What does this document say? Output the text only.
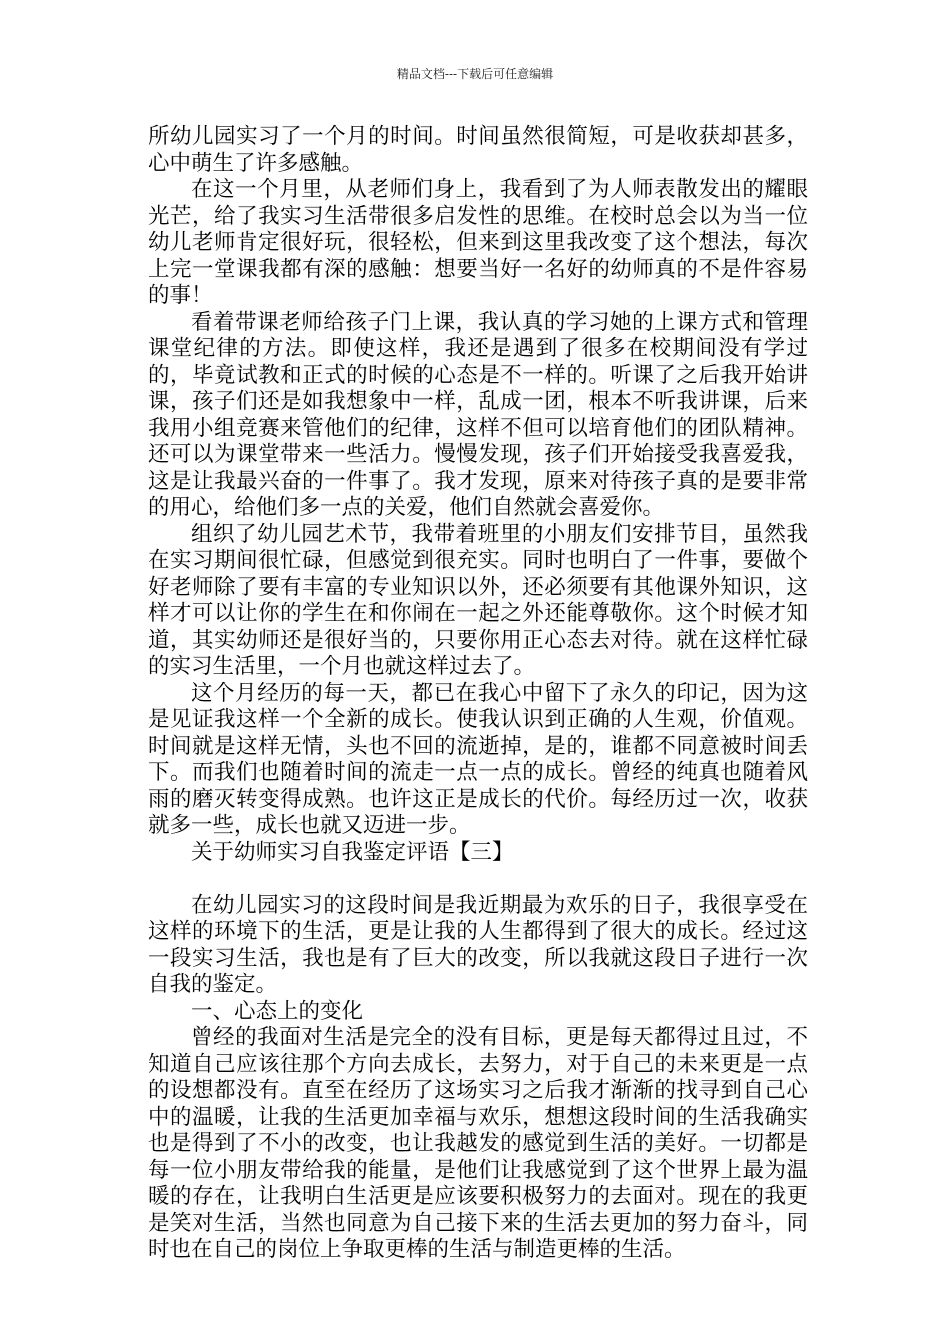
精品文档---下载后可任意编辑

所幼儿园实习了一个月的时间。时间虽然很简短，可是收获却甚多，心中萌生了许多感触。

在这一个月里，从老师们身上，我看到了为人师表散发出的耀眼光芒，给了我实习生活带很多启发性的思维。在校时总会以为当一位幼儿老师肯定很好玩，很轻松，但来到这里我改变了这个想法，每次上完一堂课我都有深的感触：想要当好一名好的幼师真的不是件容易的事！

看着带课老师给孩子门上课，我认真的学习她的上课方式和管理课堂纪律的方法。即使这样，我还是遇到了很多在校期间没有学过的，毕竟试教和正式的时候的心态是不一样的。听课了之后我开始讲课，孩子们还是如我想象中一样，乱成一团，根本不听我讲课，后来我用小组竞赛来管他们的纪律，这样不但可以培育他们的团队精神。还可以为课堂带来一些活力。慢慢发现，孩子们开始接受我喜爱我，这是让我最兴奋的一件事了。我才发现，原来对待孩子真的是要非常的用心，给他们多一点的关爱，他们自然就会喜爱你。

组织了幼儿园艺术节，我带着班里的小朋友们安排节目，虽然我在实习期间很忙碌，但感觉到很充实。同时也明白了一件事，要做个好老师除了要有丰富的专业知识以外，还必须要有其他课外知识，这样才可以让你的学生在和你闹在一起之外还能尊敬你。这个时候才知道，其实幼师还是很好当的，只要你用正心态去对待。就在这样忙碌的实习生活里，一个月也就这样过去了。

这个月经历的每一天，都已在我心中留下了永久的印记，因为这是见证我这样一个全新的成长。使我认识到正确的人生观，价值观。时间就是这样无情，头也不回的流逝掉，是的，谁都不同意被时间丢下。而我们也随着时间的流走一点一点的成长。曾经的纯真也随着风雨的磨灭转变得成熟。也许这正是成长的代价。每经历过一次，收获就多一些，成长也就又迈进一步。

关于幼师实习自我鉴定评语【三】

在幼儿园实习的这段时间是我近期最为欢乐的日子，我很享受在这样的环境下的生活，更是让我的人生都得到了很大的成长。经过这一段实习生活，我也是有了巨大的改变，所以我就这段日子进行一次自我的鉴定。

一、心态上的变化

曾经的我面对生活是完全的没有目标，更是每天都得过且过，不知道自己应该往那个方向去成长，去努力，对于自己的未来更是一点的设想都没有。直至在经历了这场实习之后我才渐渐的找寻到自己心中的温暖，让我的生活更加幸福与欢乐，想想这段时间的生活我确实也是得到了不小的改变，也让我越发的感觉到生活的美好。一切都是每一位小朋友带给我的能量，是他们让我感觉到了这个世界上最为温暖的存在，让我明白生活更是应该要积极努力的去面对。现在的我更是笑对生活，当然也同意为自己接下来的生活去更加的努力奋斗，同时也在自己的岗位上争取更棒的生活与制造更棒的生活。
